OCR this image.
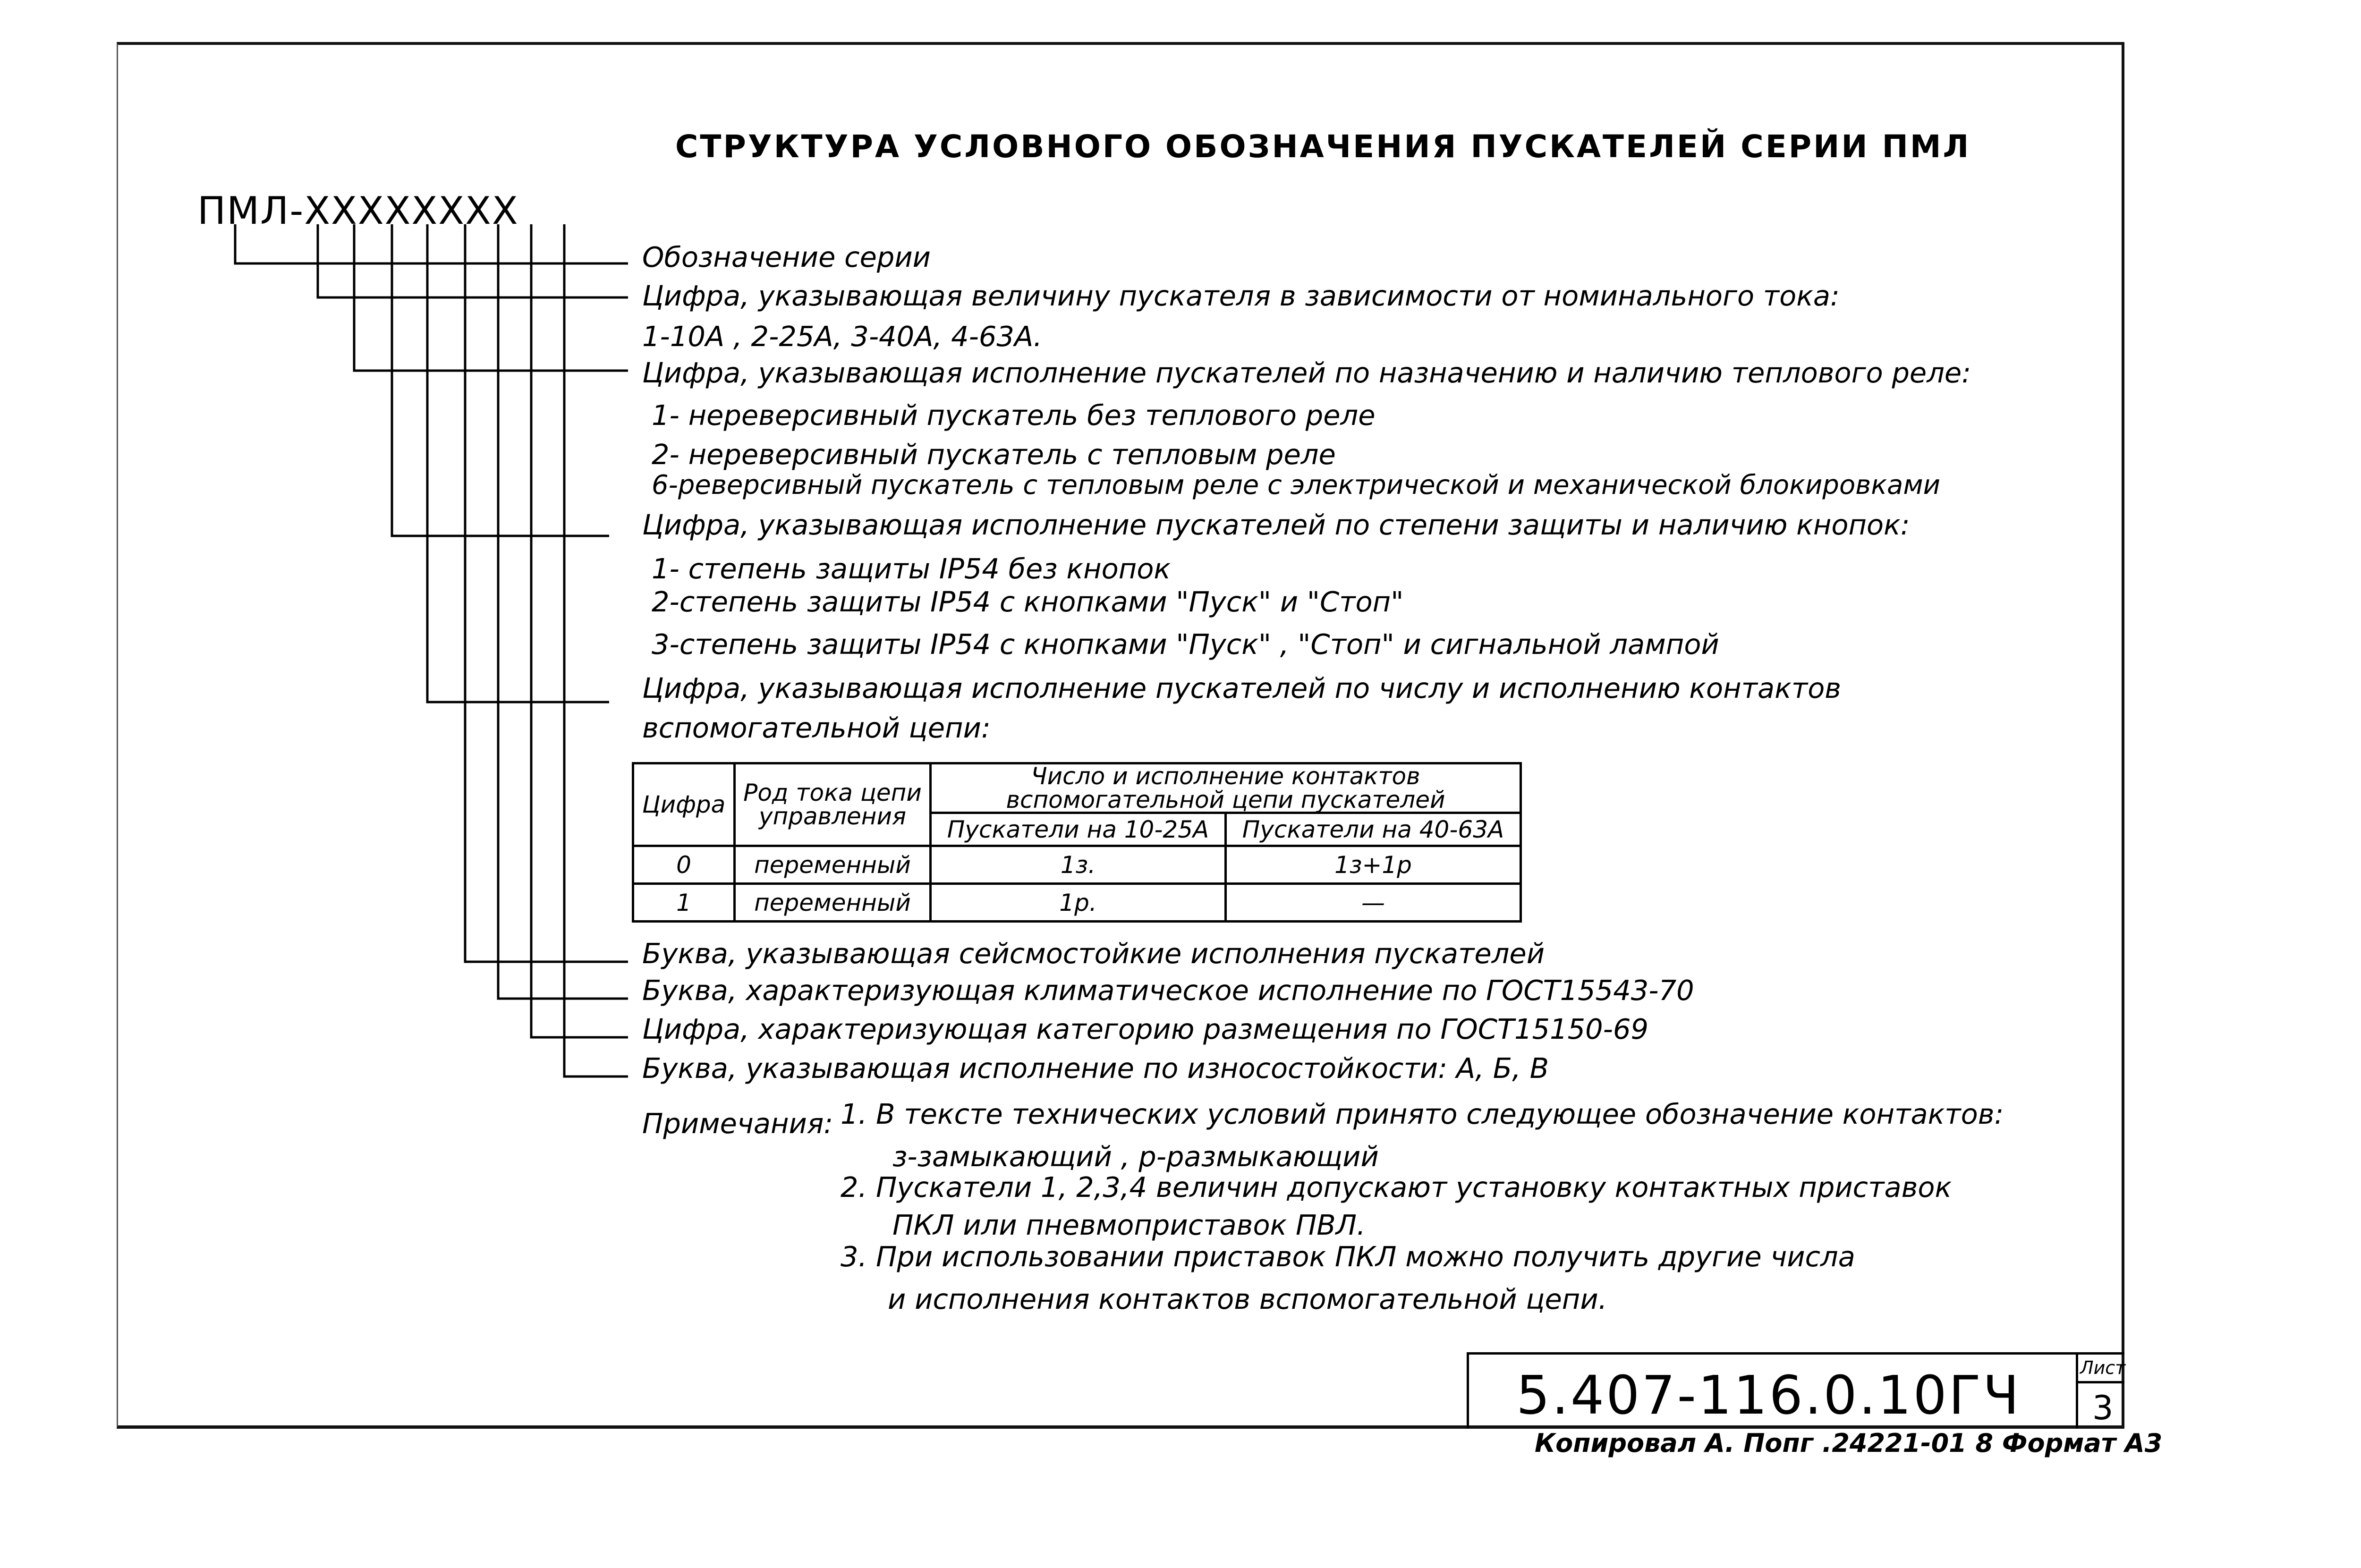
СТРУКТУРА УСЛОВНОГО ОБОЗНАЧЕНИЯ ПУСКАТЕЛЕЙ СЕРИИ ПМЛ
ПМЛ-ХХХХХХХХ
Обозначение серии
Цифра, указывающая величину пускателя в зависимости от номинального тока:
1-10А , 2-25А, 3-40А, 4-63А.
Цифра, указывающая исполнение пускателей по назначению и наличию теплового реле:
1- нереверсивный пускатель без теплового реле
2- нереверсивный пускатель с тепловым реле
6-реверсивный пускатель с тепловым реле с электрической и механической блокировками
Цифра, указывающая исполнение пускателей по степени защиты и наличию кнопок:
1- степень защиты IP54 без кнопок
2-степень защиты IP54 с кнопками "Пуск" и "Стоп"
3-степень защиты IP54 с кнопками "Пуск" , "Стоп" и сигнальной лампой
Цифра, указывающая исполнение пускателей по числу и исполнению контактов
вспомогательной цепи:
Цифра	Род тока цепи управления	Число и исполнение контактов вспомогательной цепи пускателей	
		Пускатели на 10-25А	Пускатели на 40-63А
0	переменный	1з.	1з+1р
1	переменный	1р.	—
Буква, указывающая сейсмостойкие исполнения пускателей
Буква, характеризующая климатическое исполнение по ГОСТ15543-70
Цифра, характеризующая категорию размещения по ГОСТ15150-69
Буква, указывающая исполнение по износостойкости: А, Б, В
Примечания: 1. В тексте технических условий принято следующее обозначение контактов:
з-замыкающий , р-размыкающий
2. Пускатели 1, 2,3,4 величин допускают установку контактных приставок
ПКЛ или пневмоприставок ПВЛ.
3. При использовании приставок ПКЛ можно получить другие числа
и исполнения контактов вспомогательной цепи.
5.407-116.0.10ГЧ	Лист
3
Копировал А. Попг .24221-01 8 Формат А3
